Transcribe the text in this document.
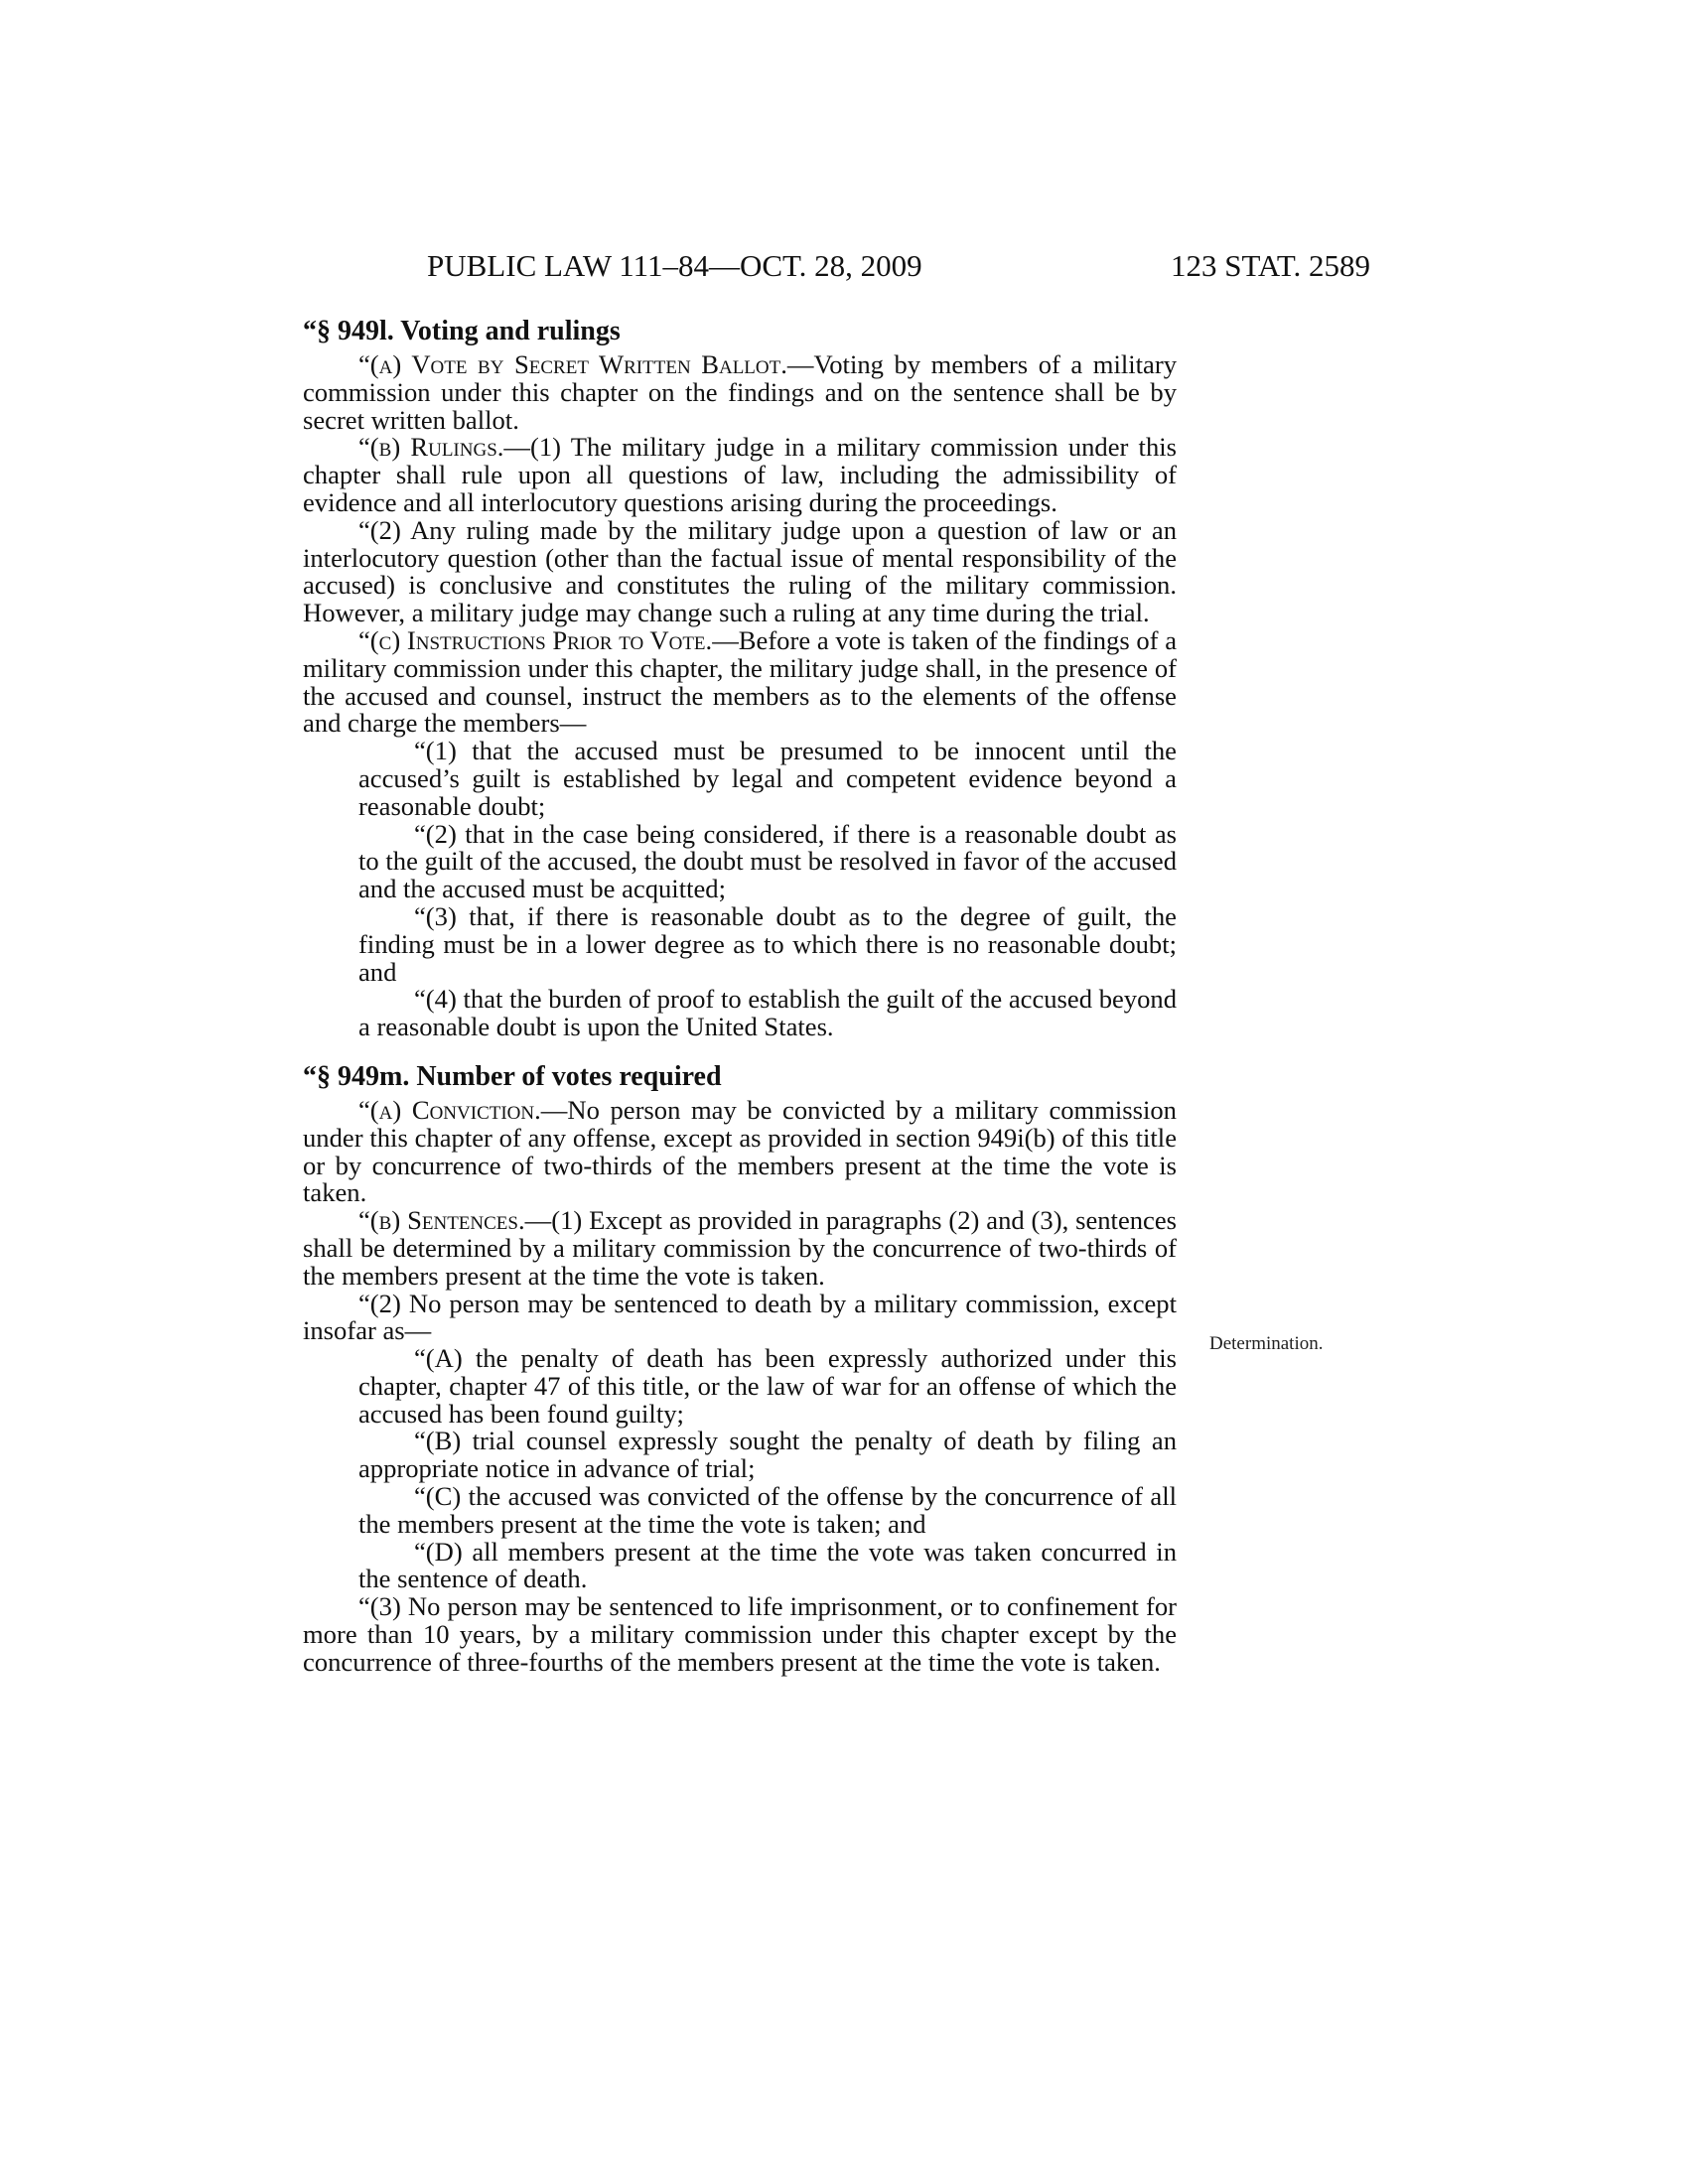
PUBLIC LAW 111–84—OCT. 28, 2009	123 STAT. 2589
“§ 949l. Voting and rulings

“(a) Vote by Secret Written Ballot.—Voting by members of a military commission under this chapter on the findings and on the sentence shall be by secret written ballot.

“(b) Rulings.—(1) The military judge in a military commission under this chapter shall rule upon all questions of law, including the admissibility of evidence and all interlocutory questions arising during the proceedings.

“(2) Any ruling made by the military judge upon a question of law or an interlocutory question (other than the factual issue of mental responsibility of the accused) is conclusive and constitutes the ruling of the military commission. However, a military judge may change such a ruling at any time during the trial.

“(c) Instructions Prior to Vote.—Before a vote is taken of the findings of a military commission under this chapter, the military judge shall, in the presence of the accused and counsel, instruct the members as to the elements of the offense and charge the members—

“(1) that the accused must be presumed to be innocent until the accused’s guilt is established by legal and competent evidence beyond a reasonable doubt;

“(2) that in the case being considered, if there is a reasonable doubt as to the guilt of the accused, the doubt must be resolved in favor of the accused and the accused must be acquitted;

“(3) that, if there is reasonable doubt as to the degree of guilt, the finding must be in a lower degree as to which there is no reasonable doubt; and

“(4) that the burden of proof to establish the guilt of the accused beyond a reasonable doubt is upon the United States.

“§ 949m. Number of votes required

“(a) Conviction.—No person may be convicted by a military commission under this chapter of any offense, except as provided in section 949i(b) of this title or by concurrence of two-thirds of the members present at the time the vote is taken.

“(b) Sentences.—(1) Except as provided in paragraphs (2) and (3), sentences shall be determined by a military commission by the concurrence of two-thirds of the members present at the time the vote is taken.

“(2) No person may be sentenced to death by a military commission, except insofar as—

“(A) the penalty of death has been expressly authorized under this chapter, chapter 47 of this title, or the law of war for an offense of which the accused has been found guilty;

“(B) trial counsel expressly sought the penalty of death by filing an appropriate notice in advance of trial;

“(C) the accused was convicted of the offense by the concurrence of all the members present at the time the vote is taken; and

“(D) all members present at the time the vote was taken concurred in the sentence of death.

“(3) No person may be sentenced to life imprisonment, or to confinement for more than 10 years, by a military commission under this chapter except by the concurrence of three-fourths of the members present at the time the vote is taken.

Determination.
